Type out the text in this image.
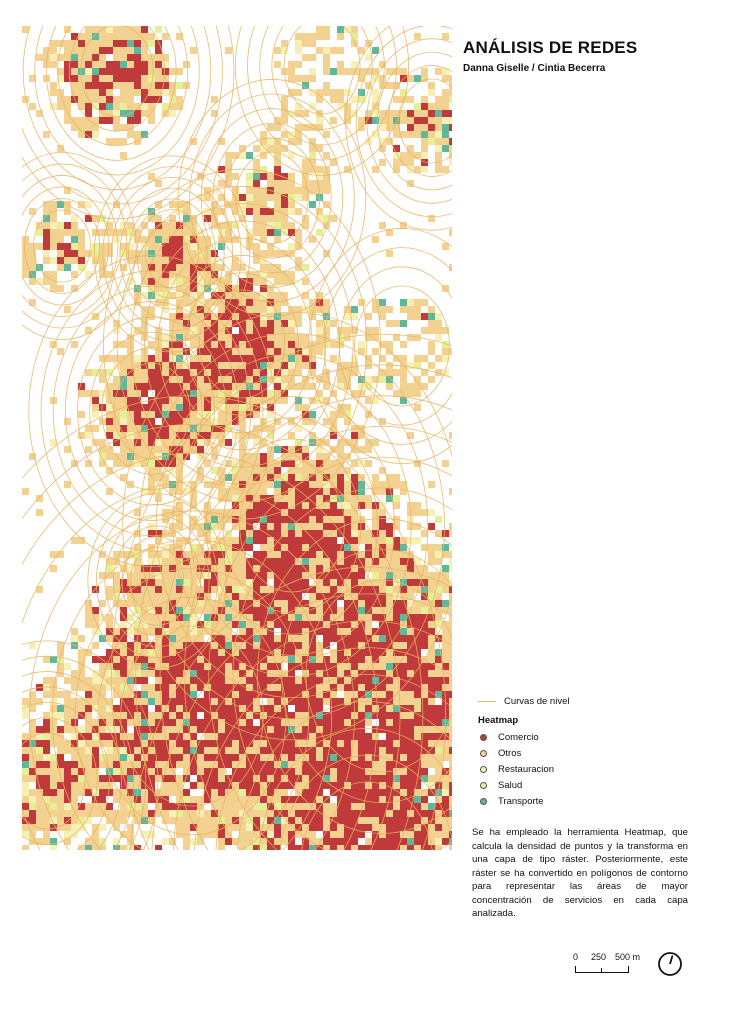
ANÁLISIS DE REDES
Danna Giselle / Cintia Becerra
Curvas de nivel
Heatmap
Comercio
Otros
Restauracion
Salud
Transporte
Se ha empleado la herramienta Heatmap, que calcula la densidad de puntos y la transforma en una capa de tipo ráster. Posteriormente, este ráster se ha convertido en polígonos de contorno para representar las áreas de mayor concentración de servicios en cada capa analizada.
0 250 500 m
